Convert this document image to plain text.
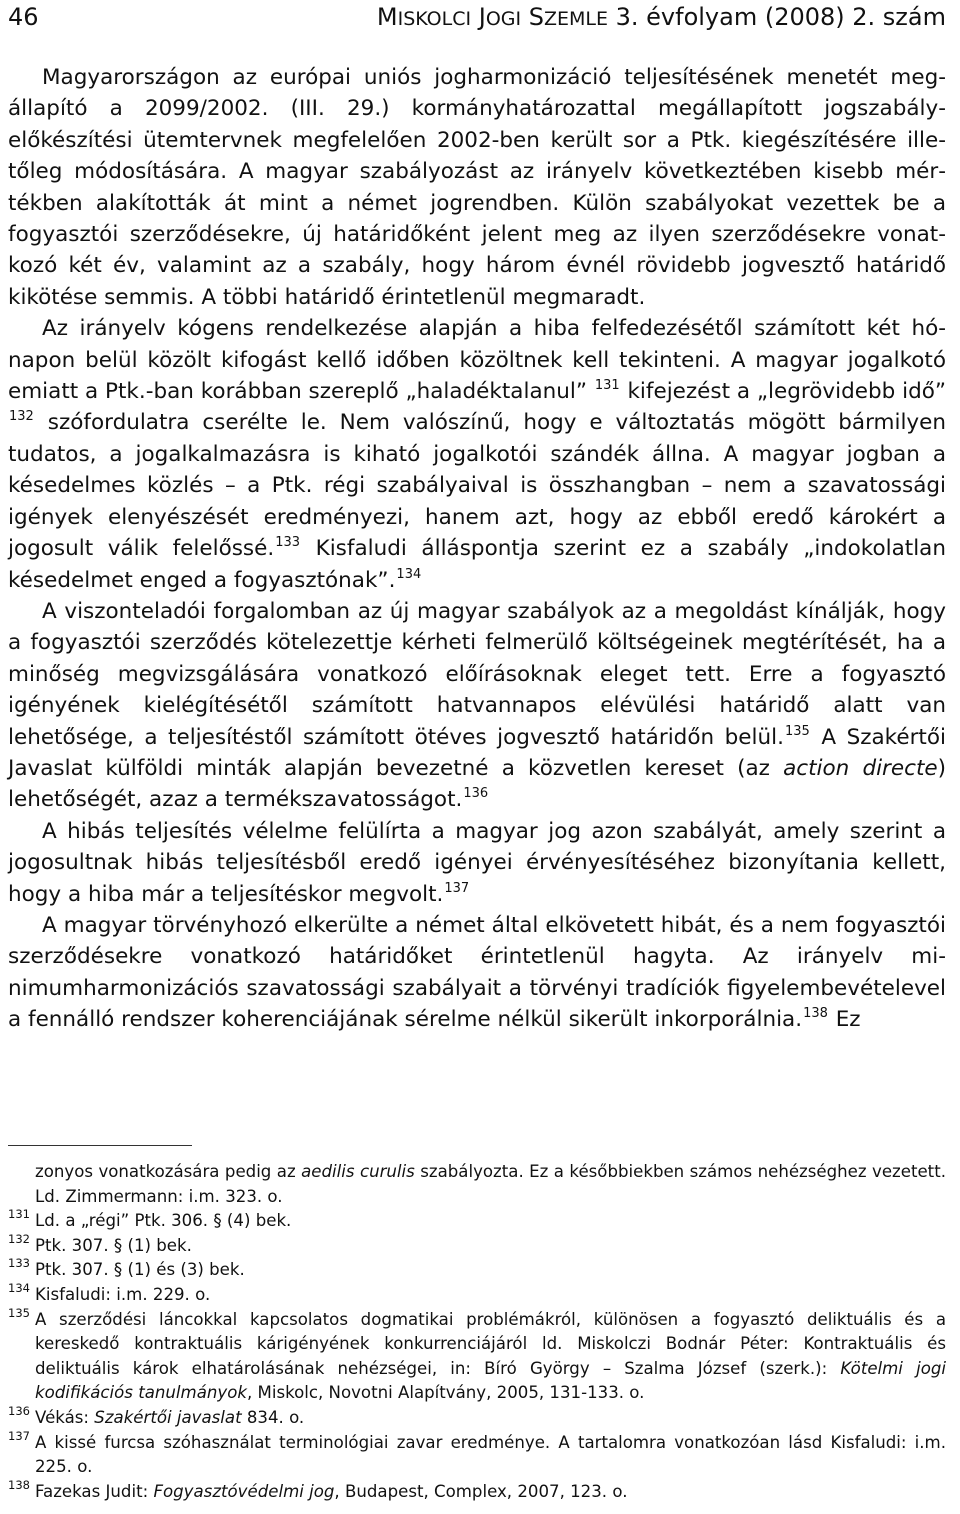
46	MISKOLCI JOGI SZEMLE 3. évfolyam (2008) 2. szám

Magyarországon az európai uniós jogharmonizáció teljesítésének menetét megállapító a 2099/2002. (III. 29.) kormányhatározattal megállapított jogszabályelőkészítési ütemtervnek megfelelően 2002-ben került sor a Ptk. kiegészítésére illetőleg módosítására. A magyar szabályozást az irányelv következtében kisebb mértékben alakították át mint a német jogrendben. Külön szabályokat vezettek be a fogyasztói szerződésekre, új határidőként jelent meg az ilyen szerződésekre vonatkozó két év, valamint az a szabály, hogy három évnél rövidebb jogvesztő határidő kikötése semmis. A többi határidő érintetlenül megmaradt.

Az irányelv kógens rendelkezése alapján a hiba felfedezésétől számított két hónapon belül közölt kifogást kellő időben közöltnek kell tekinteni. A magyar jogalkotó emiatt a Ptk.-ban korábban szereplő „haladéktalanul” $^{131}$ kifejezést a „legrövidebb idő” $^{132}$ szófordulatra cserélte le. Nem valószínű, hogy e változtatás mögött bármilyen tudatos, a jogalkalmazásra is kiható jogalkotói szándék állna. A magyar jogban a késedelmes közlés – a Ptk. régi szabályaival is összhangban – nem a szavatossági igények elenyészését eredményezi, hanem azt, hogy az ebből eredő károkért a jogosult válik felelőssé.$^{133}$ Kisfaludi álláspontja szerint ez a szabály „indokolatlan késedelmet enged a fogyasztónak”.$^{134}$

A viszonteladói forgalomban az új magyar szabályok az a megoldást kínálják, hogy a fogyasztói szerződés kötelezettje kérheti felmerülő költségeinek megtérítését, ha a minőség megvizsgálására vonatkozó előírásoknak eleget tett. Erre a fogyasztó igényének kielégítésétől számított hatvannapos elévülési határidő alatt van lehetősége, a teljesítéstől számított ötéves jogvesztő határidőn belül.$^{135}$ A Szakértői Javaslat külföldi minták alapján bevezetné a közvetlen kereset (az action directe) lehetőségét, azaz a termékszavatosságot.$^{136}$

A hibás teljesítés vélelme felülírta a magyar jog azon szabályát, amely szerint a jogosultnak hibás teljesítésből eredő igényei érvényesítéséhez bizonyítania kellett, hogy a hiba már a teljesítéskor megvolt.$^{137}$

A magyar törvényhozó elkerülte a német által elkövetett hibát, és a nem fogyasztói szerződésekre vonatkozó határidőket érintetlenül hagyta. Az irányelv minimumharmonizációs szavatossági szabályait a törvényi tradíciók figyelembevételevel a fennálló rendszer koherenciájának sérelme nélkül sikerült inkorporálnia.$^{138}$ Ez

zonyos vonatkozására pedig az aedilis curulis szabályozta. Ez a későbbiekben számos nehézséghez vezetett. Ld. Zimmermann: i.m. 323. o.

131 Ld. a „régi” Ptk. 306. § (4) bek.

132 Ptk. 307. § (1) bek.

133 Ptk. 307. § (1) és (3) bek.

134 Kisfaludi: i.m. 229. o.

135 A szerződési láncokkal kapcsolatos dogmatikai problémákról, különösen a fogyasztó deliktuális és a kereskedő kontraktuális kárigényének konkurrenciájáról ld. Miskolczi Bodnár Péter: Kontraktuális és deliktuális károk elhatárolásának nehézségei, in: Bíró György – Szalma József (szerk.): Kötelmi jogi kodifikációs tanulmányok, Miskolc, Novotni Alapítvány, 2005, 131-133. o.

136 Vékás: Szakértői javaslat 834. o.

137 A kissé furcsa szóhasználat terminológiai zavar eredménye. A tartalomra vonatkozóan lásd Kisfaludi: i.m. 225. o.

138 Fazekas Judit: Fogyasztóvédelmi jog, Budapest, Complex, 2007, 123. o.
